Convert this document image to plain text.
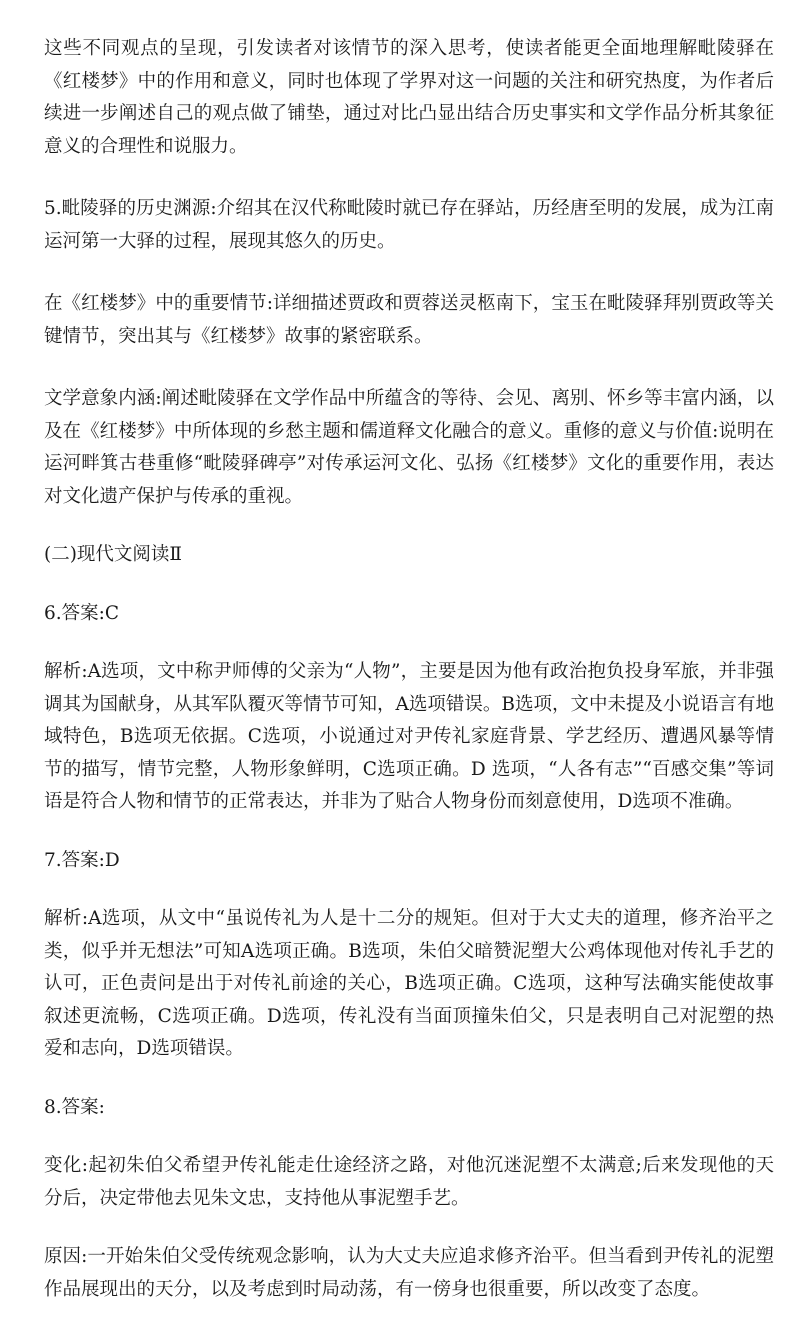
这些不同观点的呈现，引发读者对该情节的深入思考，使读者能更全面地理解毗陵驿在《红楼梦》中的作用和意义，同时也体现了学界对这一问题的关注和研究热度，为作者后续进一步阐述自己的观点做了铺垫，通过对比凸显出结合历史事实和文学作品分析其象征意义的合理性和说服力。

5.毗陵驿的历史渊源:介绍其在汉代称毗陵时就已存在驿站，历经唐至明的发展，成为江南运河第一大驿的过程，展现其悠久的历史。

在《红楼梦》中的重要情节:详细描述贾政和贾蓉送灵柩南下，宝玉在毗陵驿拜别贾政等关键情节，突出其与《红楼梦》故事的紧密联系。

文学意象内涵:阐述毗陵驿在文学作品中所蕴含的等待、会见、离别、怀乡等丰富内涵，以及在《红楼梦》中所体现的乡愁主题和儒道释文化融合的意义。重修的意义与价值:说明在运河畔箕古巷重修“毗陵驿碑亭”对传承运河文化、弘扬《红楼梦》文化的重要作用，表达对文化遗产保护与传承的重视。

(二)现代文阅读Ⅱ

6.答案:C

解析:A选项，文中称尹师傅的父亲为“人物”，主要是因为他有政治抱负投身军旅，并非强调其为国献身，从其军队覆灭等情节可知，A选项错误。B选项，文中未提及小说语言有地域特色，B选项无依据。C选项，小说通过对尹传礼家庭背景、学艺经历、遭遇风暴等情节的描写，情节完整，人物形象鲜明，C选项正确。D 选项，“人各有志”“百感交集”等词语是符合人物和情节的正常表达，并非为了贴合人物身份而刻意使用，D选项不准确。

7.答案:D

解析:A选项，从文中“虽说传礼为人是十二分的规矩。但对于大丈夫的道理，修齐治平之类，似乎并无想法”可知A选项正确。B选项，朱伯父暗赞泥塑大公鸡体现他对传礼手艺的认可，正色责问是出于对传礼前途的关心，B选项正确。C选项，这种写法确实能使故事叙述更流畅，C选项正确。D选项，传礼没有当面顶撞朱伯父，只是表明自己对泥塑的热爱和志向，D选项错误。

8.答案:

变化:起初朱伯父希望尹传礼能走仕途经济之路，对他沉迷泥塑不太满意;后来发现他的天分后，决定带他去见朱文忠，支持他从事泥塑手艺。

原因:一开始朱伯父受传统观念影响，认为大丈夫应追求修齐治平。但当看到尹传礼的泥塑作品展现出的天分，以及考虑到时局动荡，有一傍身也很重要，所以改变了态度。
